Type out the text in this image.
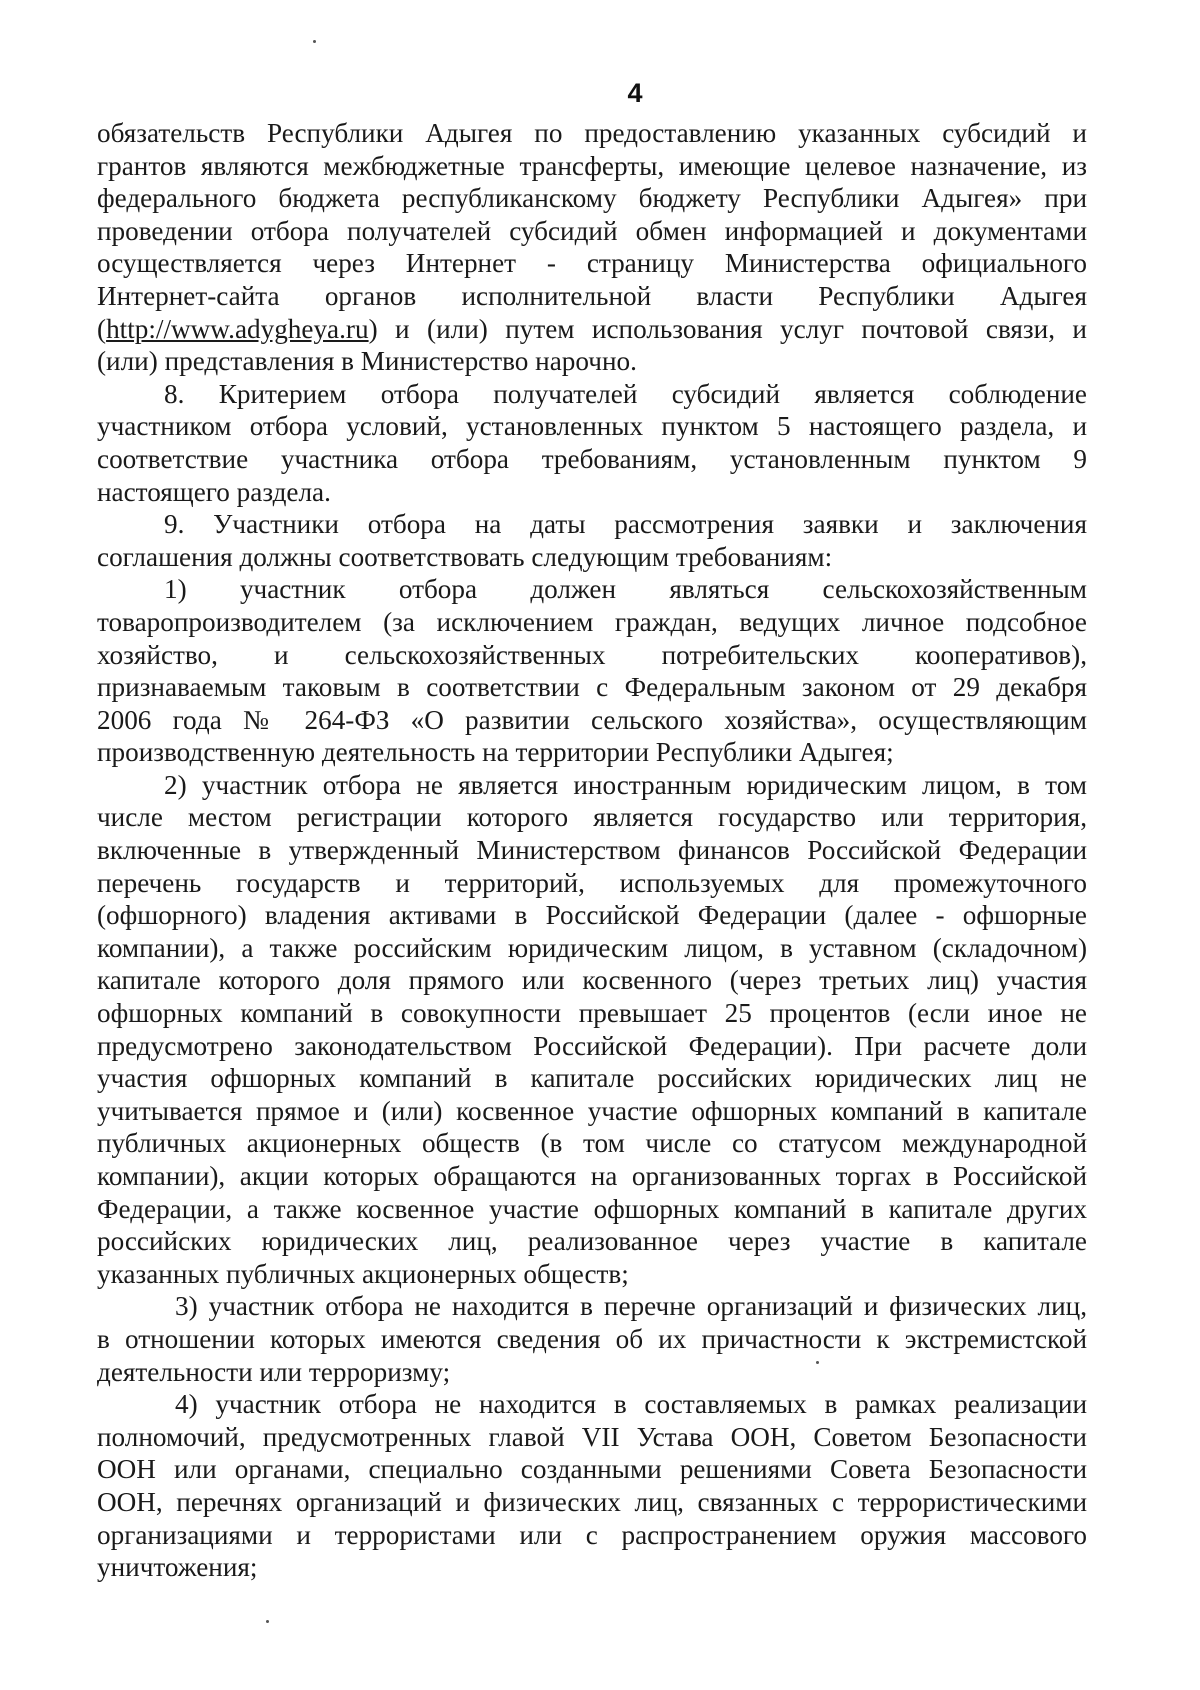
4
обязательств Республики Адыгея по предоставлению указанных субсидий и
грантов являются межбюджетные трансферты, имеющие целевое назначение, из
федерального бюджета республиканскому бюджету Республики Адыгея» при
проведении отбора получателей субсидий обмен информацией и документами
осуществляется через Интернет - страницу Министерства официального
Интернет-сайта органов исполнительной власти Республики Адыгея
(http://www.adygheya.ru) и (или) путем использования услуг почтовой связи, и
(или) представления в Министерство нарочно.
8. Критерием отбора получателей субсидий является соблюдение
участником отбора условий, установленных пунктом 5 настоящего раздела, и
соответствие участника отбора требованиям, установленным пунктом 9
настоящего раздела.
9. Участники отбора на даты рассмотрения заявки и заключения
соглашения должны соответствовать следующим требованиям:
1) участник отбора должен являться сельскохозяйственным
товаропроизводителем (за исключением граждан, ведущих личное подсобное
хозяйство, и сельскохозяйственных потребительских кооперативов),
признаваемым таковым в соответствии с Федеральным законом от 29 декабря
2006 года № 264-ФЗ «О развитии сельского хозяйства», осуществляющим
производственную деятельность на территории Республики Адыгея;
2) участник отбора не является иностранным юридическим лицом, в том
числе местом регистрации которого является государство или территория,
включенные в утвержденный Министерством финансов Российской Федерации
перечень государств и территорий, используемых для промежуточного
(офшорного) владения активами в Российской Федерации (далее - офшорные
компании), а также российским юридическим лицом, в уставном (складочном)
капитале которого доля прямого или косвенного (через третьих лиц) участия
офшорных компаний в совокупности превышает 25 процентов (если иное не
предусмотрено законодательством Российской Федерации). При расчете доли
участия офшорных компаний в капитале российских юридических лиц не
учитывается прямое и (или) косвенное участие офшорных компаний в капитале
публичных акционерных обществ (в том числе со статусом международной
компании), акции которых обращаются на организованных торгах в Российской
Федерации, а также косвенное участие офшорных компаний в капитале других
российских юридических лиц, реализованное через участие в капитале
указанных публичных акционерных обществ;
3) участник отбора не находится в перечне организаций и физических лиц,
в отношении которых имеются сведения об их причастности к экстремистской
деятельности или терроризму;
4) участник отбора не находится в составляемых в рамках реализации
полномочий, предусмотренных главой VII Устава ООН, Советом Безопасности
ООН или органами, специально созданными решениями Совета Безопасности
ООН, перечнях организаций и физических лиц, связанных с террористическими
организациями и террористами или с распространением оружия массового
уничтожения;
